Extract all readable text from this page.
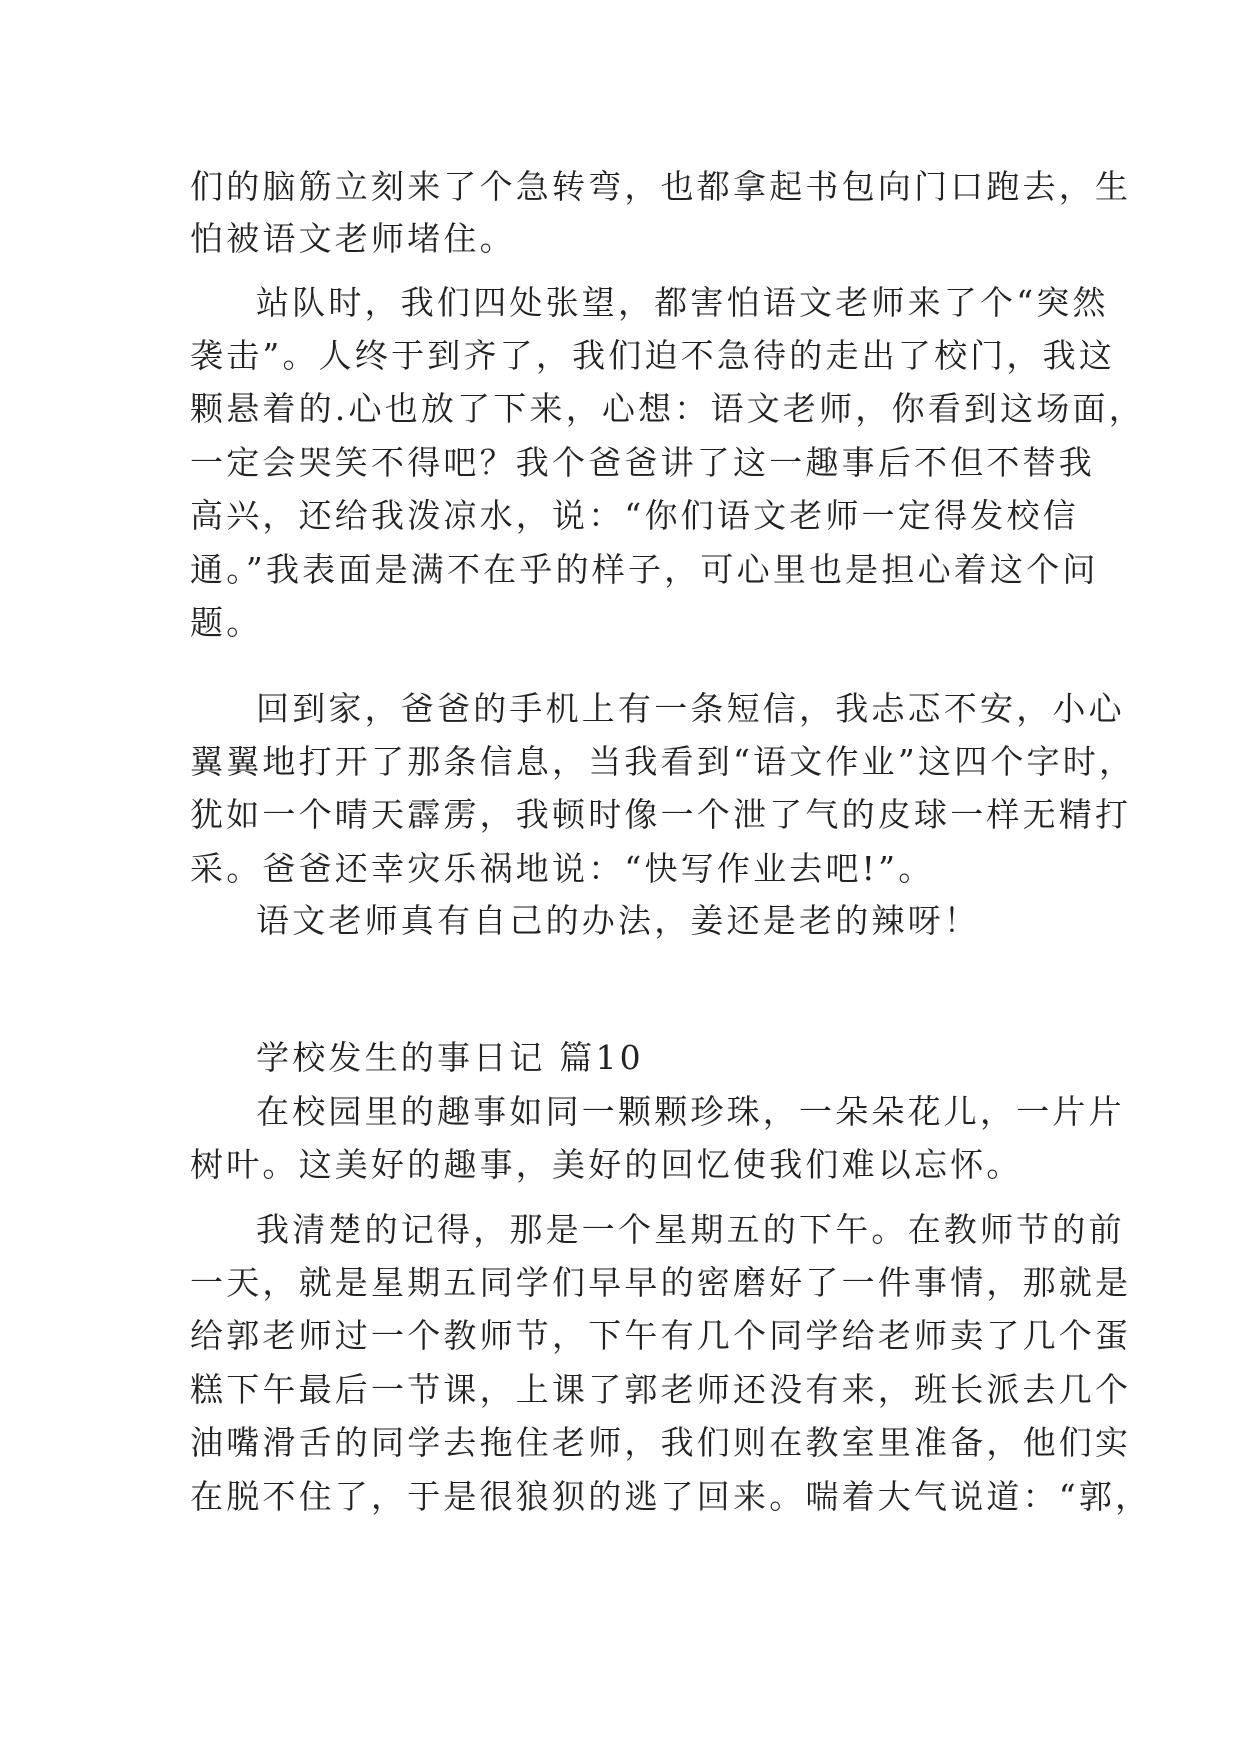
们的脑筋立刻来了个急转弯，也都拿起书包向门口跑去，生
怕被语文老师堵住。
站队时，我们四处张望，都害怕语文老师来了个“突然
袭击”。人终于到齐了，我们迫不急待的走出了校门，我这
颗悬着的.心也放了下来，心想：语文老师，你看到这场面，
一定会哭笑不得吧？我个爸爸讲了这一趣事后不但不替我
高兴，还给我泼凉水，说：“你们语文老师一定得发校信
通。”我表面是满不在乎的样子，可心里也是担心着这个问
题。
回到家，爸爸的手机上有一条短信，我忐忑不安，小心
翼翼地打开了那条信息，当我看到“语文作业”这四个字时，
犹如一个晴天霹雳，我顿时像一个泄了气的皮球一样无精打
采。爸爸还幸灾乐祸地说：“快写作业去吧!”。
语文老师真有自己的办法，姜还是老的辣呀！
学校发生的事日记 篇10
在校园里的趣事如同一颗颗珍珠，一朵朵花儿，一片片
树叶。这美好的趣事，美好的回忆使我们难以忘怀。
我清楚的记得，那是一个星期五的下午。在教师节的前
一天，就是星期五同学们早早的密磨好了一件事情，那就是
给郭老师过一个教师节，下午有几个同学给老师卖了几个蛋
糕下午最后一节课，上课了郭老师还没有来，班长派去几个
油嘴滑舌的同学去拖住老师，我们则在教室里准备，他们实
在脱不住了，于是很狼狈的逃了回来。喘着大气说道：“郭，
